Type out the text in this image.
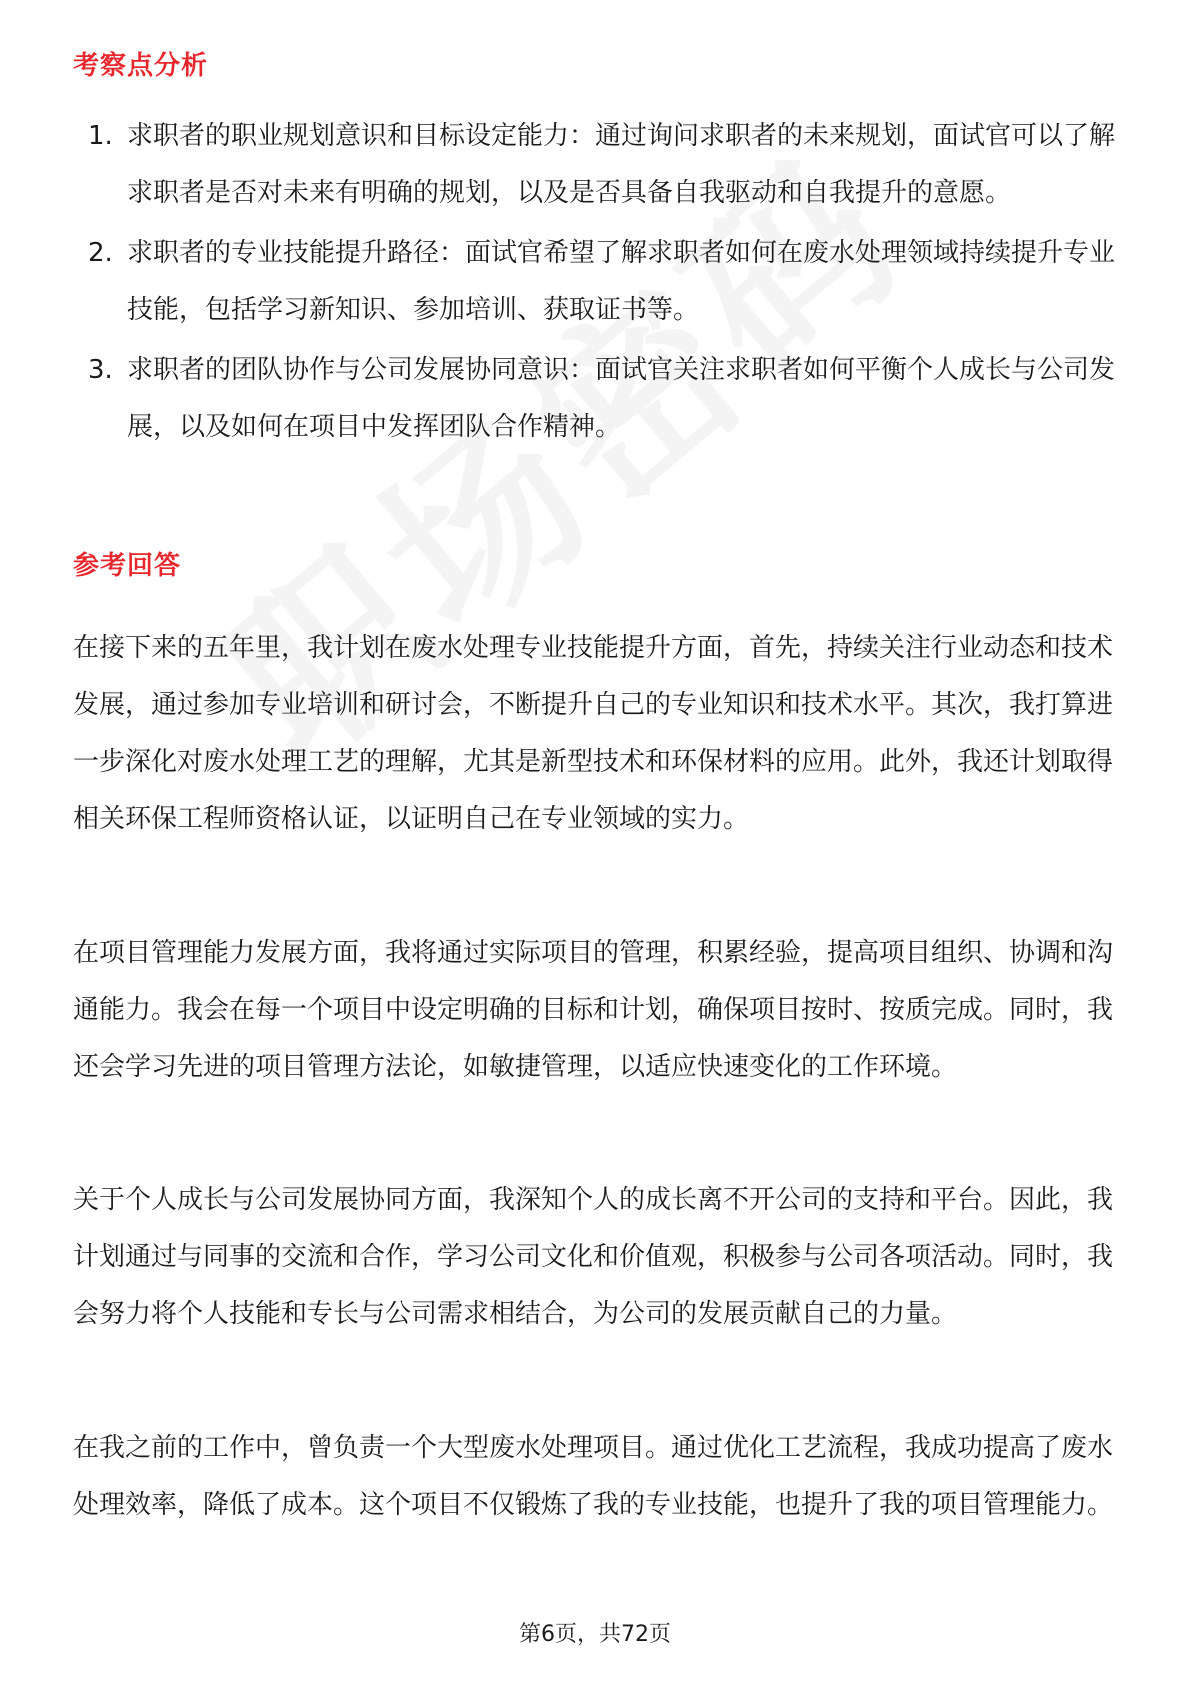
考察点分析
1. 求职者的职业规划意识和目标设定能力：通过询问求职者的未来规划，面试官可以了解求职者是否对未来有明确的规划，以及是否具备自我驱动和自我提升的意愿。
2. 求职者的专业技能提升路径：面试官希望了解求职者如何在废水处理领域持续提升专业技能，包括学习新知识、参加培训、获取证书等。
3. 求职者的团队协作与公司发展协同意识：面试官关注求职者如何平衡个人成长与公司发展，以及如何在项目中发挥团队合作精神。
参考回答

在接下来的五年里，我计划在废水处理专业技能提升方面，首先，持续关注行业动态和技术发展，通过参加专业培训和研讨会，不断提升自己的专业知识和技术水平。其次，我打算进一步深化对废水处理工艺的理解，尤其是新型技术和环保材料的应用。此外，我还计划取得相关环保工程师资格认证，以证明自己在专业领域的实力。

在项目管理能力发展方面，我将通过实际项目的管理，积累经验，提高项目组织、协调和沟通能力。我会在每一个项目中设定明确的目标和计划，确保项目按时、按质完成。同时，我还会学习先进的项目管理方法论，如敏捷管理，以适应快速变化的工作环境。

关于个人成长与公司发展协同方面，我深知个人的成长离不开公司的支持和平台。因此，我计划通过与同事的交流和合作，学习公司文化和价值观，积极参与公司各项活动。同时，我会努力将个人技能和专长与公司需求相结合，为公司的发展贡献自己的力量。

在我之前的工作中，曾负责一个大型废水处理项目。通过优化工艺流程，我成功提高了废水处理效率，降低了成本。这个项目不仅锻炼了我的专业技能，也提升了我的项目管理能力。

第6页，共72页
